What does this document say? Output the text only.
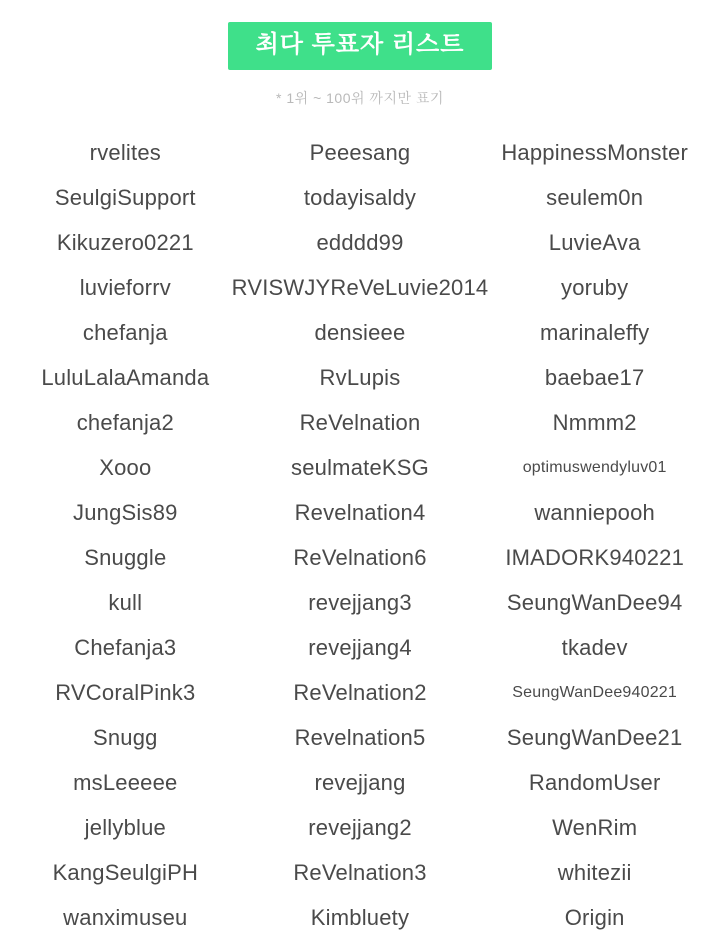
최다 투표자 리스트
* 1위 ~ 100위 까지만 표기
rvelites
SeulgiSupport
Kikuzero0221
luvieforrv
chefanja
LuluLalaAmanda
chefanja2
Xooo
JungSis89
Snuggle
kull
Chefanja3
RVCoralPink3
Snugg
msLeeeee
jellyblue
KangSeulgiPH
wanximuseu
Peeesang
todayisaldy
edddd99
RVISWJYReVeLuvie2014
densieee
RvLupis
ReVelnation
seulmateKSG
Revelnation4
ReVelnation6
revejjang3
revejjang4
ReVelnation2
Revelnation5
revejjang
revejjang2
ReVelnation3
Kimbluety
HappinessMonster
seulem0n
LuvieAva
yoruby
marinaleffy
baebae17
Nmmm2
optimuswendyluv01
wanniepooh
IMADORK940221
SeungWanDee94
tkadev
SeungWanDee940221
SeungWanDee21
RandomUser
WenRim
whitezii
Origin
